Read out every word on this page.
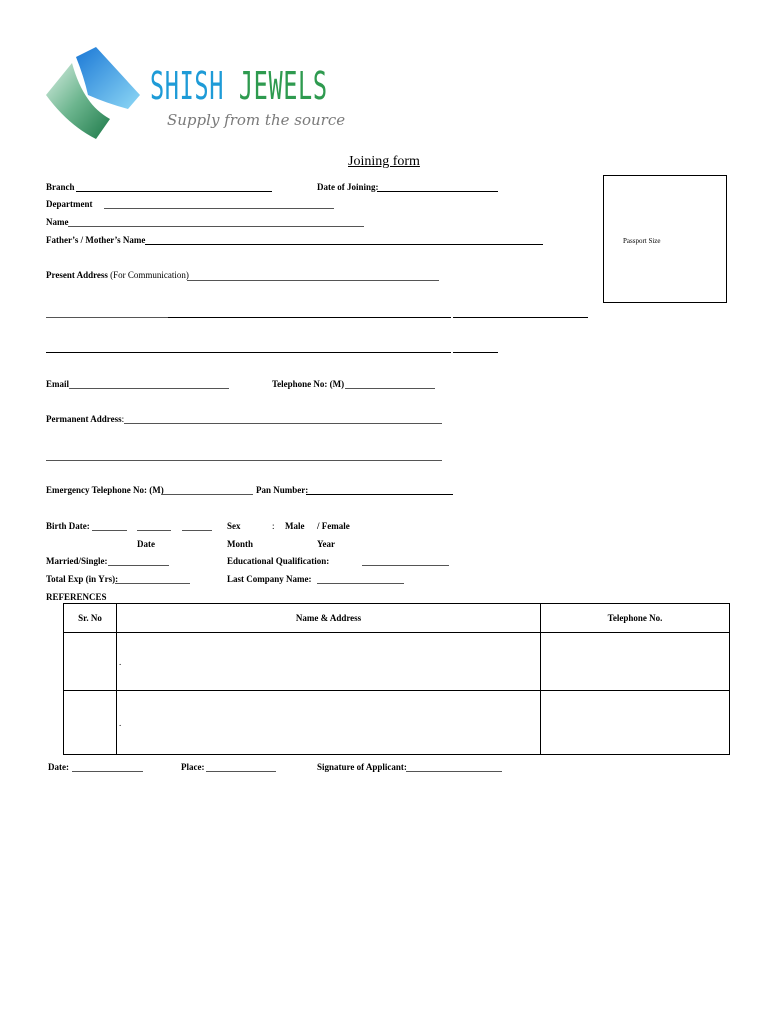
SHISH JEWELS
Supply from the source
Joining form
Branch	Date of Joining:
Department
Name
Father’s / Mother’s Name	Passport Size
Present Address (For Communication)
Email	Telephone No: (M)
Permanent Address:
Emergency Telephone No: (M)	Pan Number:
Birth Date:	Sex	: Male / Female
Date	Month	Year
Married/Single:	Educational Qualification:
Total Exp (in Yrs):	Last Company Name:
REFERENCES
Sr. No	Name & Address	Telephone No.
	.	
	.	
Date:	Place:	Signature of Applicant:
